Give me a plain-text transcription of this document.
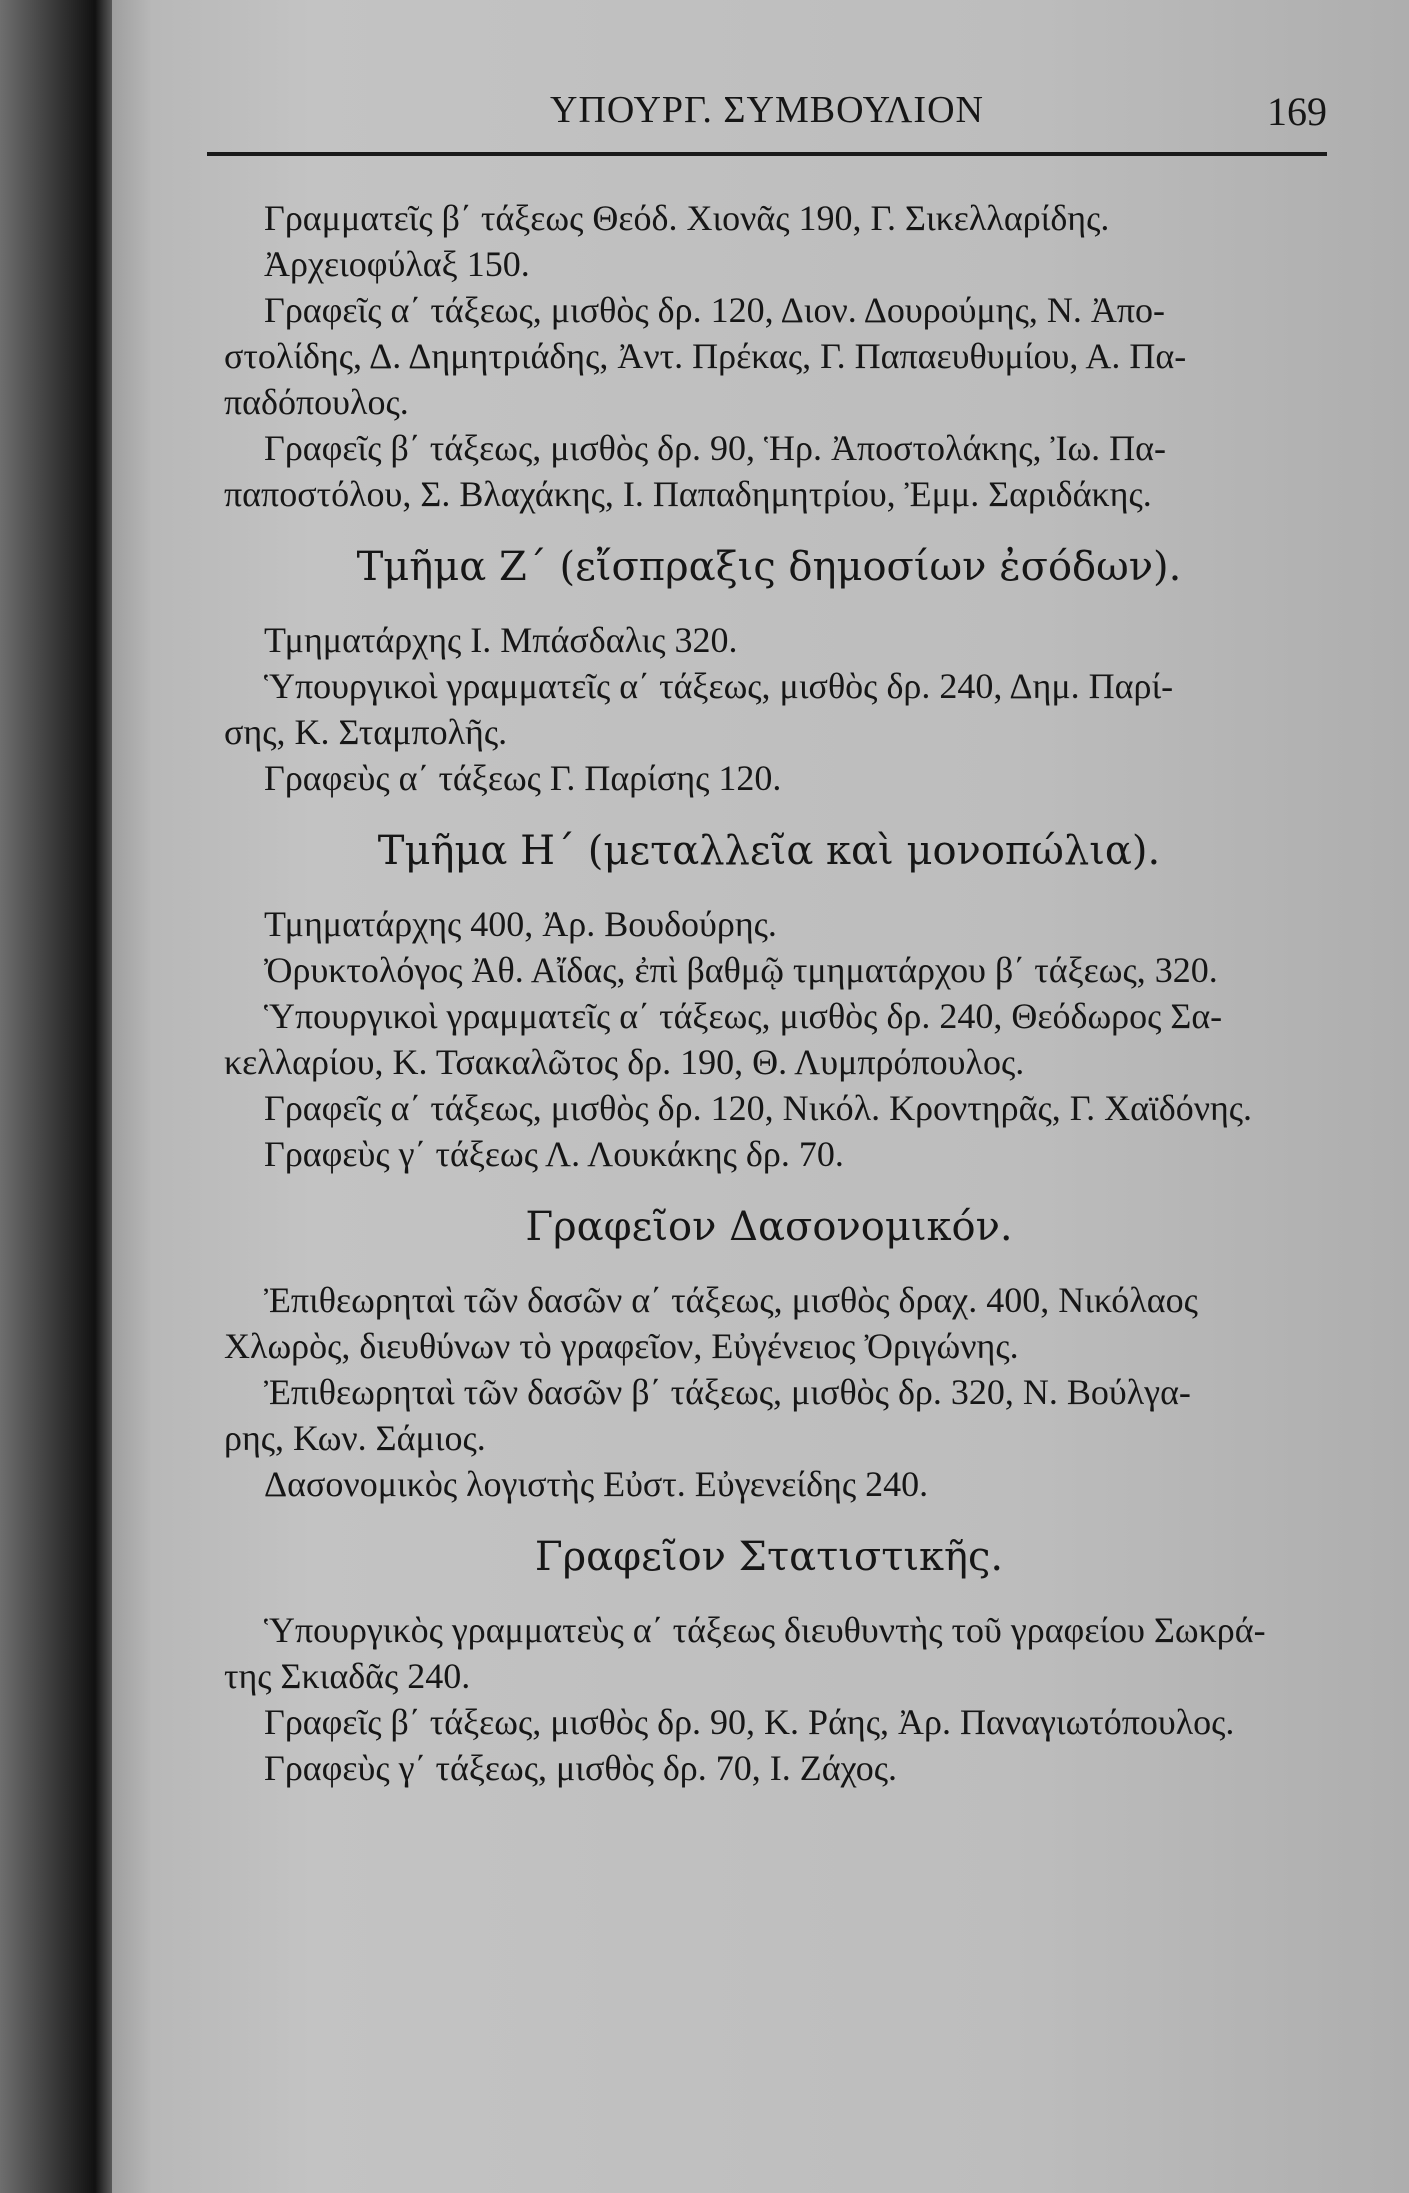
ΥΠΟΥΡΓ. ΣΥΜΒΟΥΛΙΟΝ	169
Γραμματεῖς β΄ τάξεως Θεόδ. Χιονᾶς 190, Γ. Σικελλαρίδης.
Ἀρχειοφύλαξ 150.
Γραφεῖς α΄ τάξεως, μισθὸς δρ. 120, Διον. Δουρούμης, Ν. Ἀπο-
στολίδης, Δ. Δημητριάδης, Ἀντ. Πρέκας, Γ. Παπαευθυμίου, Α. Πα-
παδόπουλος.
Γραφεῖς β΄ τάξεως, μισθὸς δρ. 90, Ἡρ. Ἀποστολάκης, Ἰω. Πα-
παποστόλου, Σ. Βλαχάκης, Ι. Παπαδημητρίου, Ἐμμ. Σαριδάκης.
Τμῆμα Ζ΄ (εἴσπραξις δημοσίων ἐσόδων).
Τμηματάρχης Ι. Μπάσδαλις 320.
Ὑπουργικοὶ γραμματεῖς α΄ τάξεως, μισθὸς δρ. 240, Δημ. Παρί-
σης, Κ. Σταμπολῆς.
Γραφεὺς α΄ τάξεως Γ. Παρίσης 120.
Τμῆμα Η΄ (μεταλλεῖα καὶ μονοπώλια).
Τμηματάρχης 400, Ἀρ. Βουδούρης.
Ὀρυκτολόγος Ἀθ. Αἴδας, ἐπὶ βαθμῷ τμηματάρχου β΄ τάξεως, 320.
Ὑπουργικοὶ γραμματεῖς α΄ τάξεως, μισθὸς δρ. 240, Θεόδωρος Σα-
κελλαρίου, Κ. Τσακαλῶτος δρ. 190, Θ. Λυμπρόπουλος.
Γραφεῖς α΄ τάξεως, μισθὸς δρ. 120, Νικόλ. Κροντηρᾶς, Γ. Χαϊδόνης.
Γραφεὺς γ΄ τάξεως Λ. Λουκάκης δρ. 70.
Γραφεῖον Δασονομικόν.
Ἐπιθεωρηταὶ τῶν δασῶν α΄ τάξεως, μισθὸς δραχ. 400, Νικόλαος
Χλωρὸς, διευθύνων τὸ γραφεῖον, Εὐγένειος Ὀριγώνης.
Ἐπιθεωρηταὶ τῶν δασῶν β΄ τάξεως, μισθὸς δρ. 320, Ν. Βούλγα-
ρης, Κων. Σάμιος.
Δασονομικὸς λογιστὴς Εὐστ. Εὐγενείδης 240.
Γραφεῖον Στατιστικῆς.
Ὑπουργικὸς γραμματεὺς α΄ τάξεως διευθυντὴς τοῦ γραφείου Σωκρά-
της Σκιαδᾶς 240.
Γραφεῖς β΄ τάξεως, μισθὸς δρ. 90, Κ. Ράης, Ἀρ. Παναγιωτόπουλος.
Γραφεὺς γ΄ τάξεως, μισθὸς δρ. 70, Ι. Ζάχος.
